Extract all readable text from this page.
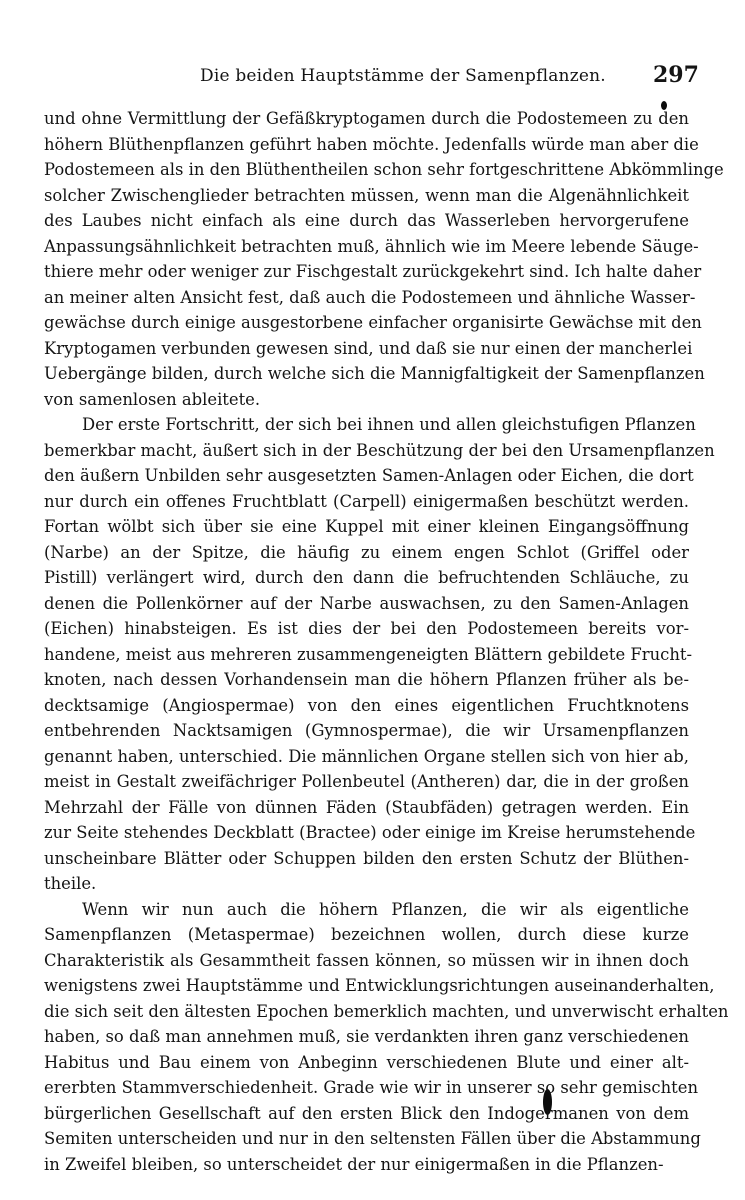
Die beiden Hauptstämme der Samenpflanzen. 297
und ohne Vermittlung der Gefäßkryptogamen durch die Podostemeen zu den
höhern Blüthenpflanzen geführt haben möchte. Jedenfalls würde man aber die
Podostemeen als in den Blüthentheilen schon sehr fortgeschrittene Abkömmlinge
solcher Zwischenglieder betrachten müssen, wenn man die Algenähnlichkeit
des Laubes nicht einfach als eine durch das Wasserleben hervorgerufene
Anpassungsähnlichkeit betrachten muß, ähnlich wie im Meere lebende Säuge-
thiere mehr oder weniger zur Fischgestalt zurückgekehrt sind. Ich halte daher
an meiner alten Ansicht fest, daß auch die Podostemeen und ähnliche Wasser-
gewächse durch einige ausgestorbene einfacher organisirte Gewächse mit den
Kryptogamen verbunden gewesen sind, und daß sie nur einen der mancherlei
Uebergänge bilden, durch welche sich die Mannigfaltigkeit der Samenpflanzen
von samenlosen ableitete.
Der erste Fortschritt, der sich bei ihnen und allen gleichstufigen Pflanzen
bemerkbar macht, äußert sich in der Beschützung der bei den Ursamenpflanzen
den äußern Unbilden sehr ausgesetzten Samen-Anlagen oder Eichen, die dort
nur durch ein offenes Fruchtblatt (Carpell) einigermaßen beschützt werden.
Fortan wölbt sich über sie eine Kuppel mit einer kleinen Eingangsöffnung
(Narbe) an der Spitze, die häufig zu einem engen Schlot (Griffel oder
Pistill) verlängert wird, durch den dann die befruchtenden Schläuche, zu
denen die Pollenkörner auf der Narbe auswachsen, zu den Samen-Anlagen
(Eichen) hinabsteigen. Es ist dies der bei den Podostemeen bereits vor-
handene, meist aus mehreren zusammengeneigten Blättern gebildete Frucht-
knoten, nach dessen Vorhandensein man die höhern Pflanzen früher als be-
decktsamige (Angiospermae) von den eines eigentlichen Fruchtknotens
entbehrenden Nacktsamigen (Gymnospermae), die wir Ursamenpflanzen
genannt haben, unterschied. Die männlichen Organe stellen sich von hier ab,
meist in Gestalt zweifächriger Pollenbeutel (Antheren) dar, die in der großen
Mehrzahl der Fälle von dünnen Fäden (Staubfäden) getragen werden. Ein
zur Seite stehendes Deckblatt (Bractee) oder einige im Kreise herumstehende
unscheinbare Blätter oder Schuppen bilden den ersten Schutz der Blüthen-
theile.
Wenn wir nun auch die höhern Pflanzen, die wir als eigentliche
Samenpflanzen (Metaspermae) bezeichnen wollen, durch diese kurze
Charakteristik als Gesammtheit fassen können, so müssen wir in ihnen doch
wenigstens zwei Hauptstämme und Entwicklungsrichtungen auseinanderhalten,
die sich seit den ältesten Epochen bemerklich machten, und unverwischt erhalten
haben, so daß man annehmen muß, sie verdankten ihren ganz verschiedenen
Habitus und Bau einem von Anbeginn verschiedenen Blute und einer alt-
ererbten Stammverschiedenheit. Grade wie wir in unserer so sehr gemischten
bürgerlichen Gesellschaft auf den ersten Blick den Indogermanen von dem
Semiten unterscheiden und nur in den seltensten Fällen über die Abstammung
in Zweifel bleiben, so unterscheidet der nur einigermaßen in die Pflanzen-
